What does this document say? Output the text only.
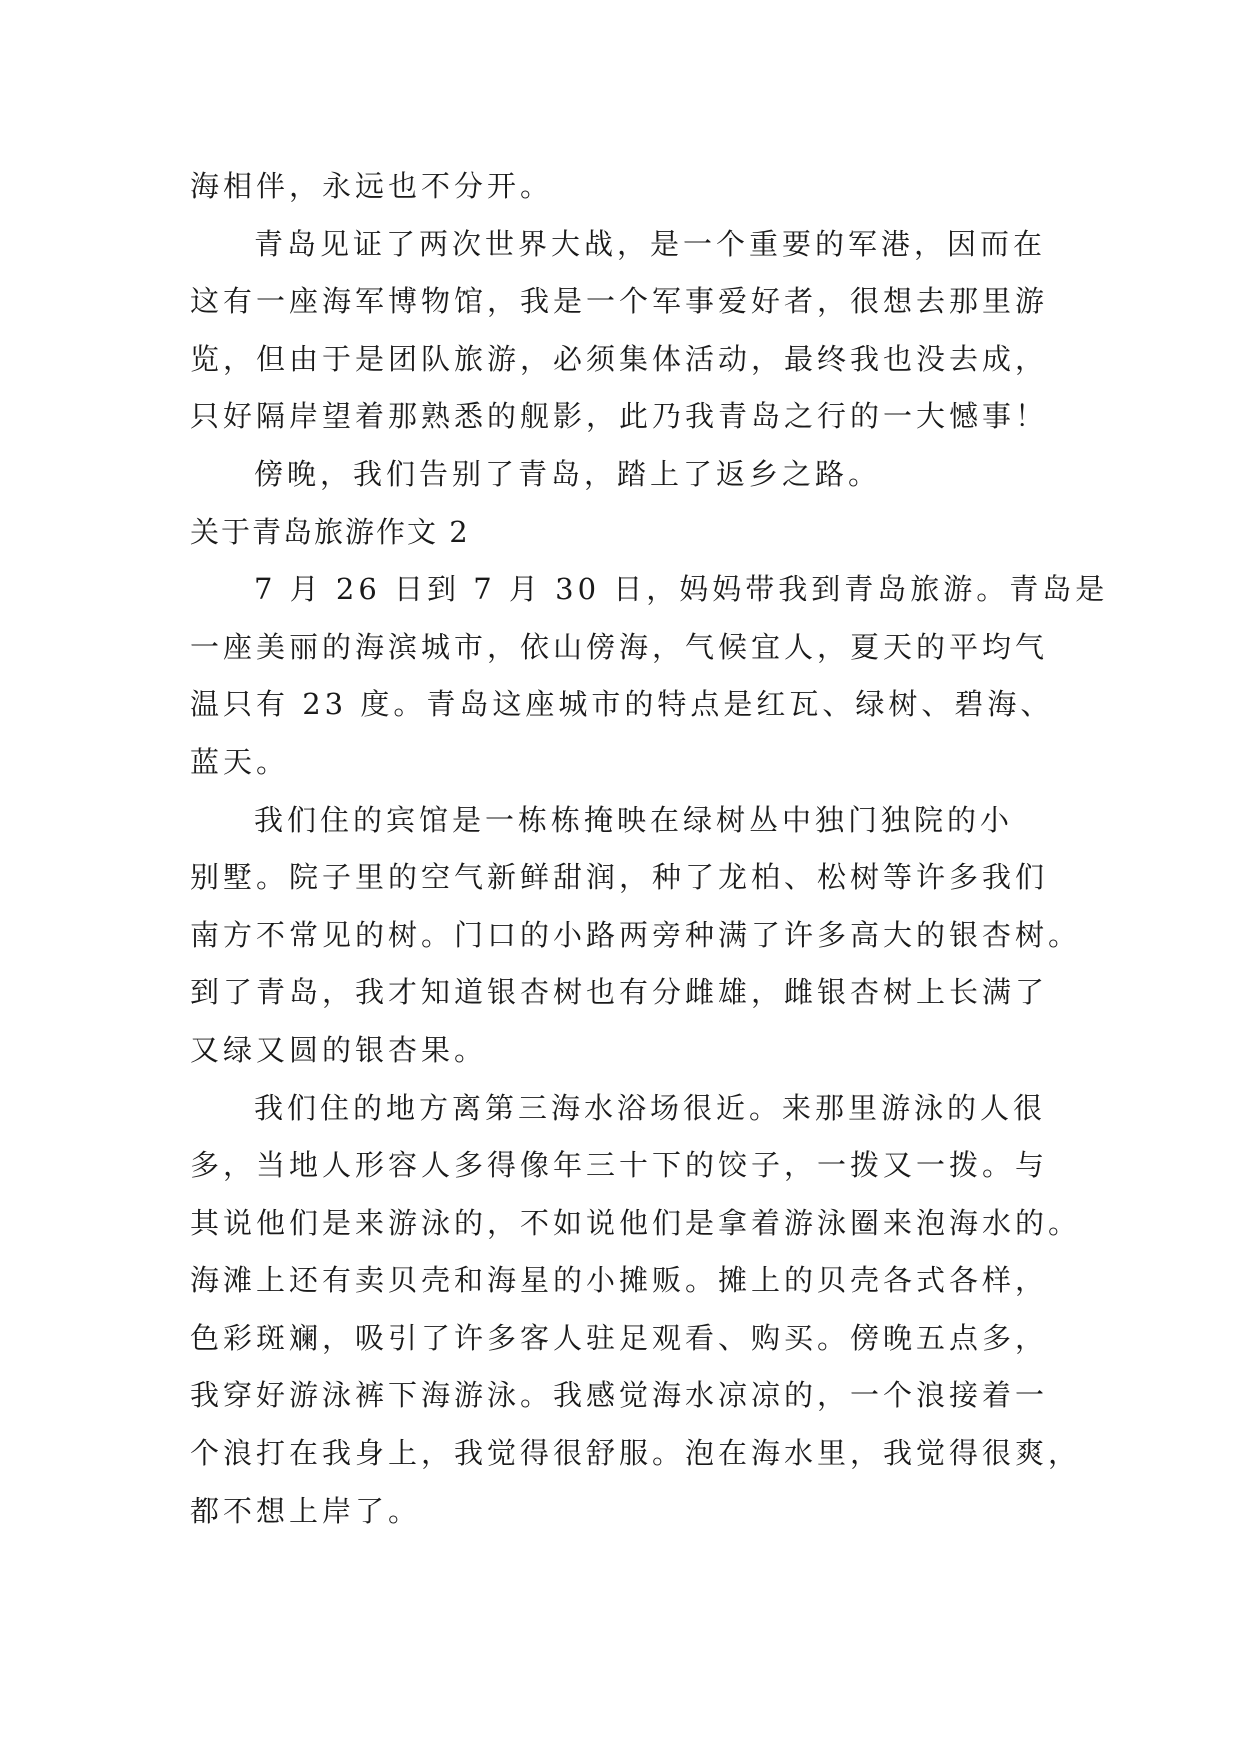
海相伴，永远也不分开。
青岛见证了两次世界大战，是一个重要的军港，因而在
这有一座海军博物馆，我是一个军事爱好者，很想去那里游
览，但由于是团队旅游，必须集体活动，最终我也没去成，
只好隔岸望着那熟悉的舰影，此乃我青岛之行的一大憾事！
傍晚，我们告别了青岛，踏上了返乡之路。
关于青岛旅游作文 2
7 月 26 日到 7 月 30 日，妈妈带我到青岛旅游。青岛是
一座美丽的海滨城市，依山傍海，气候宜人，夏天的平均气
温只有 23 度。青岛这座城市的特点是红瓦、绿树、碧海、
蓝天。
我们住的宾馆是一栋栋掩映在绿树丛中独门独院的小
别墅。院子里的空气新鲜甜润，种了龙柏、松树等许多我们
南方不常见的树。门口的小路两旁种满了许多高大的银杏树。
到了青岛，我才知道银杏树也有分雌雄，雌银杏树上长满了
又绿又圆的银杏果。
我们住的地方离第三海水浴场很近。来那里游泳的人很
多，当地人形容人多得像年三十下的饺子，一拨又一拨。与
其说他们是来游泳的，不如说他们是拿着游泳圈来泡海水的。
海滩上还有卖贝壳和海星的小摊贩。摊上的贝壳各式各样，
色彩斑斓，吸引了许多客人驻足观看、购买。傍晚五点多，
我穿好游泳裤下海游泳。我感觉海水凉凉的，一个浪接着一
个浪打在我身上，我觉得很舒服。泡在海水里，我觉得很爽，
都不想上岸了。
